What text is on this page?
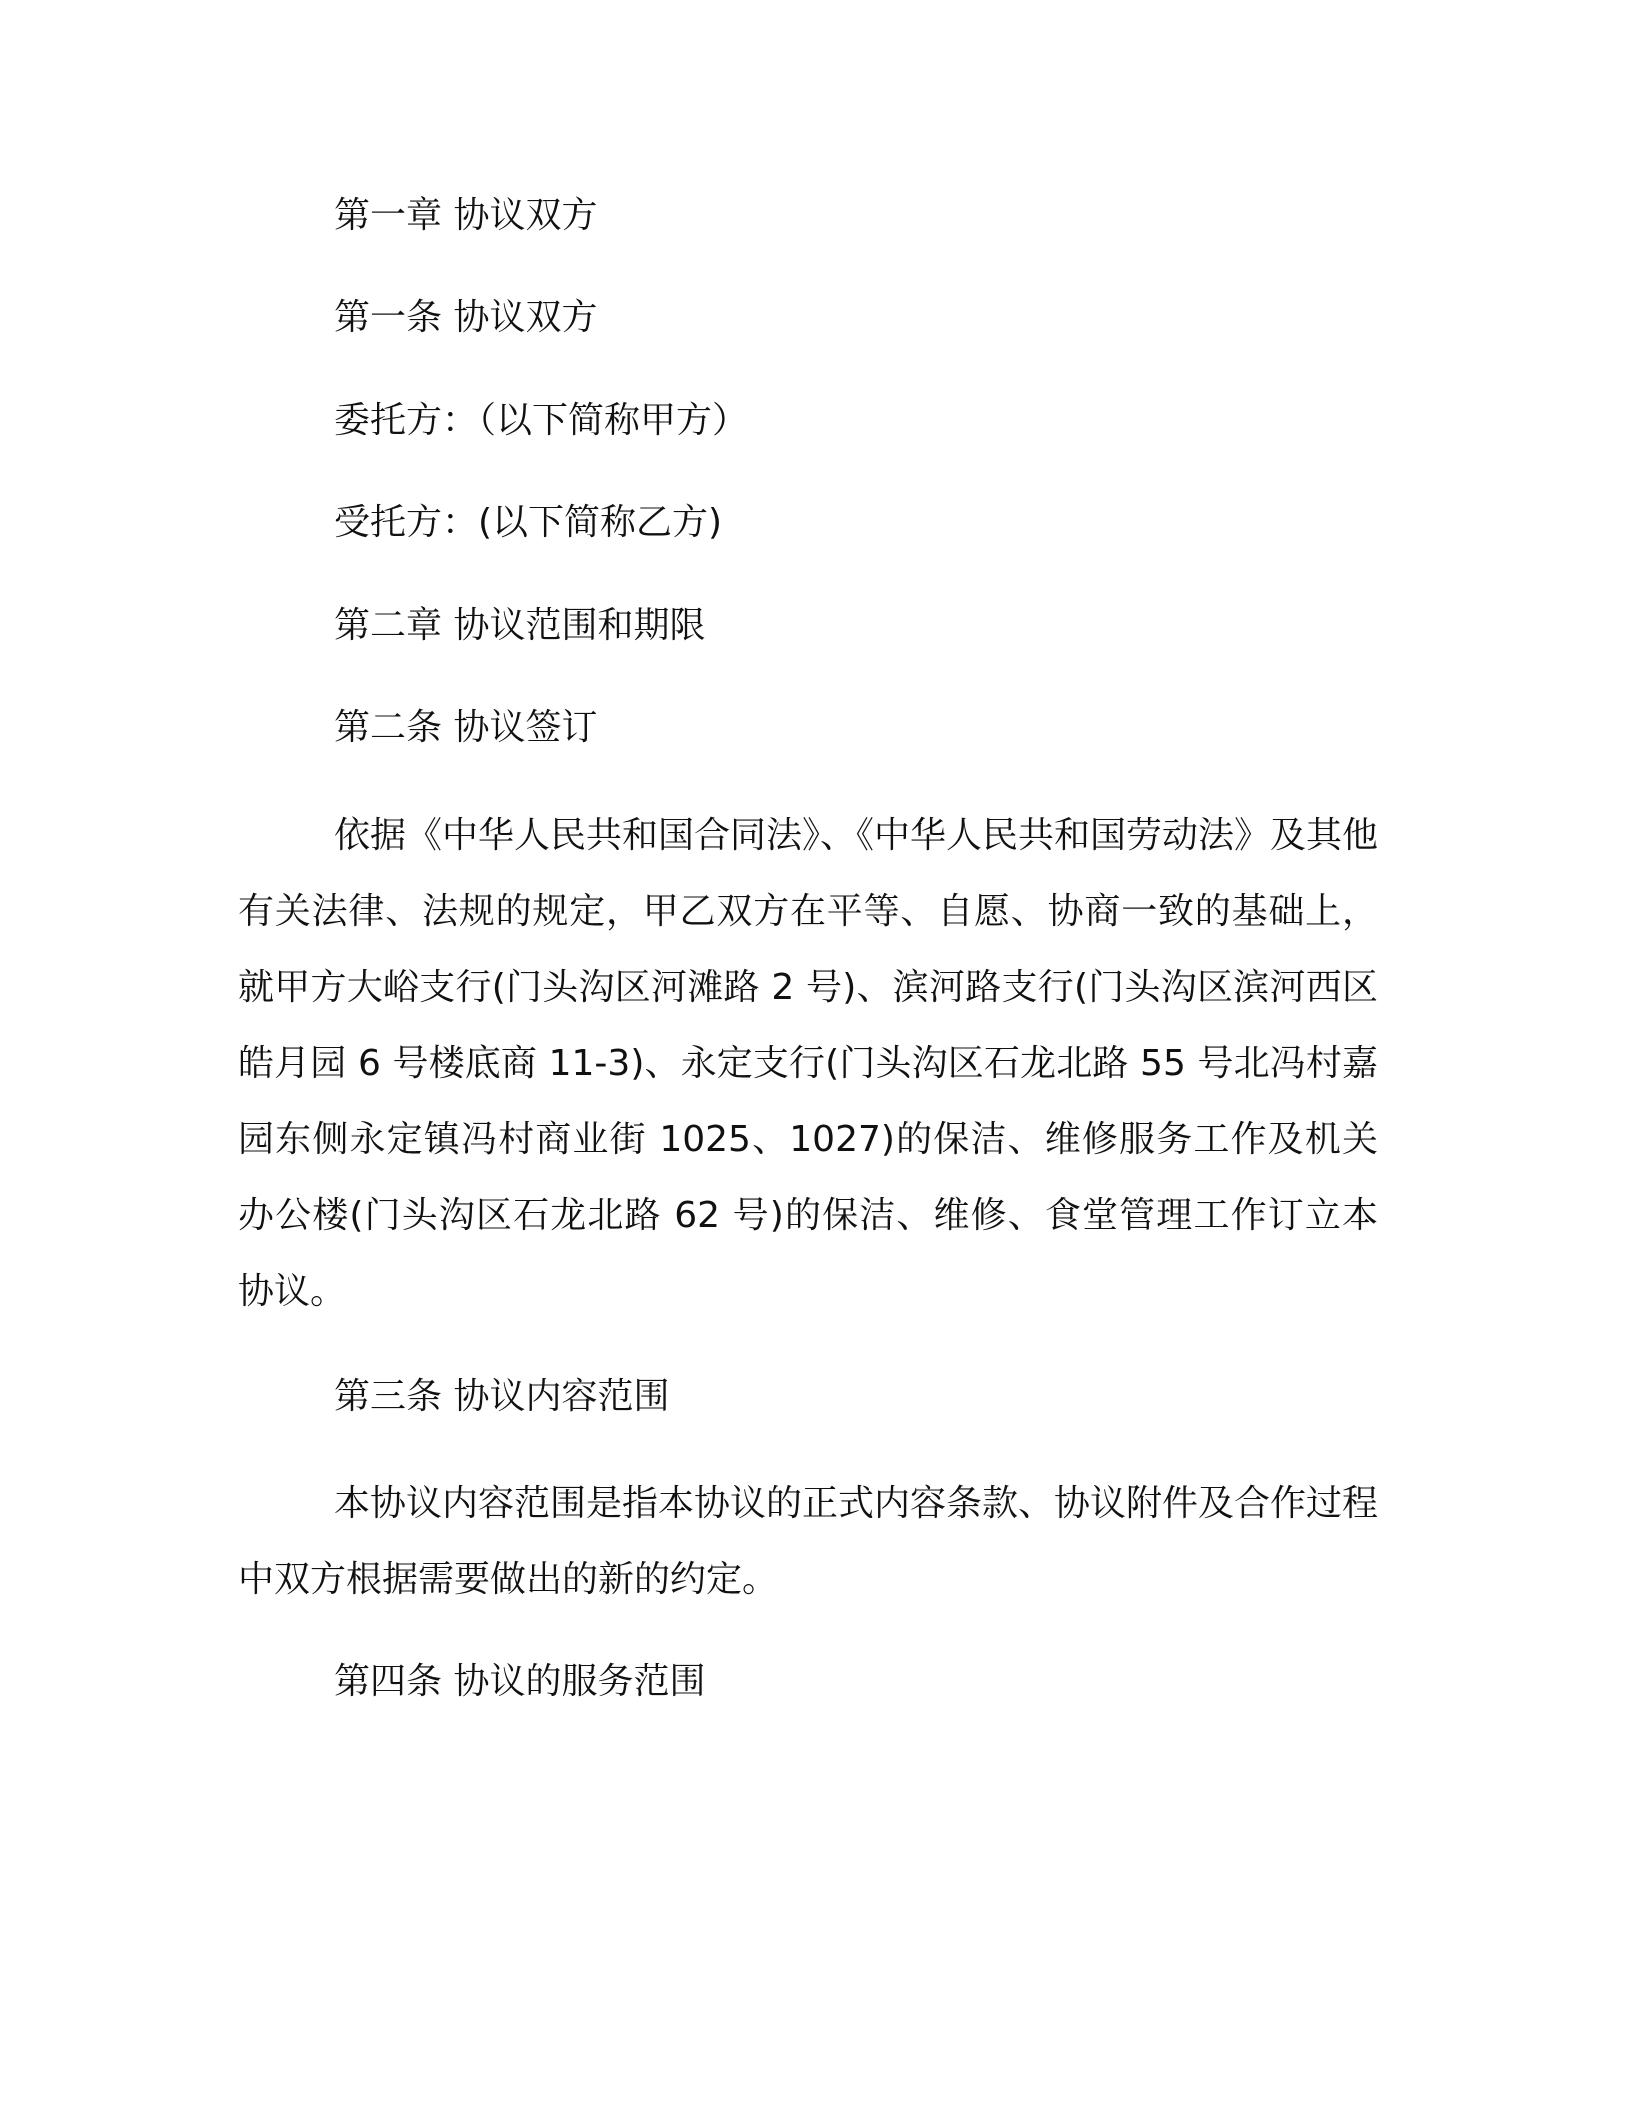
第一章 协议双方
第一条 协议双方
委托方：（以下简称甲方）
受托方：(以下简称乙方)
第二章 协议范围和期限
第二条 协议签订

依据《中华人民共和国合同法》、《中华人民共和国劳动法》及其他有关法律、法规的规定，甲乙双方在平等、自愿、协商一致的基础上，就甲方大峪支行(门头沟区河滩路 2 号)、滨河路支行(门头沟区滨河西区皓月园 6 号楼底商 11-3)、永定支行(门头沟区石龙北路 55 号北冯村嘉园东侧永定镇冯村商业街 1025、1027)的保洁、维修服务工作及机关办公楼(门头沟区石龙北路 62 号)的保洁、维修、食堂管理工作订立本协议。

第三条 协议内容范围

本协议内容范围是指本协议的正式内容条款、协议附件及合作过程中双方根据需要做出的新的约定。

第四条 协议的服务范围
